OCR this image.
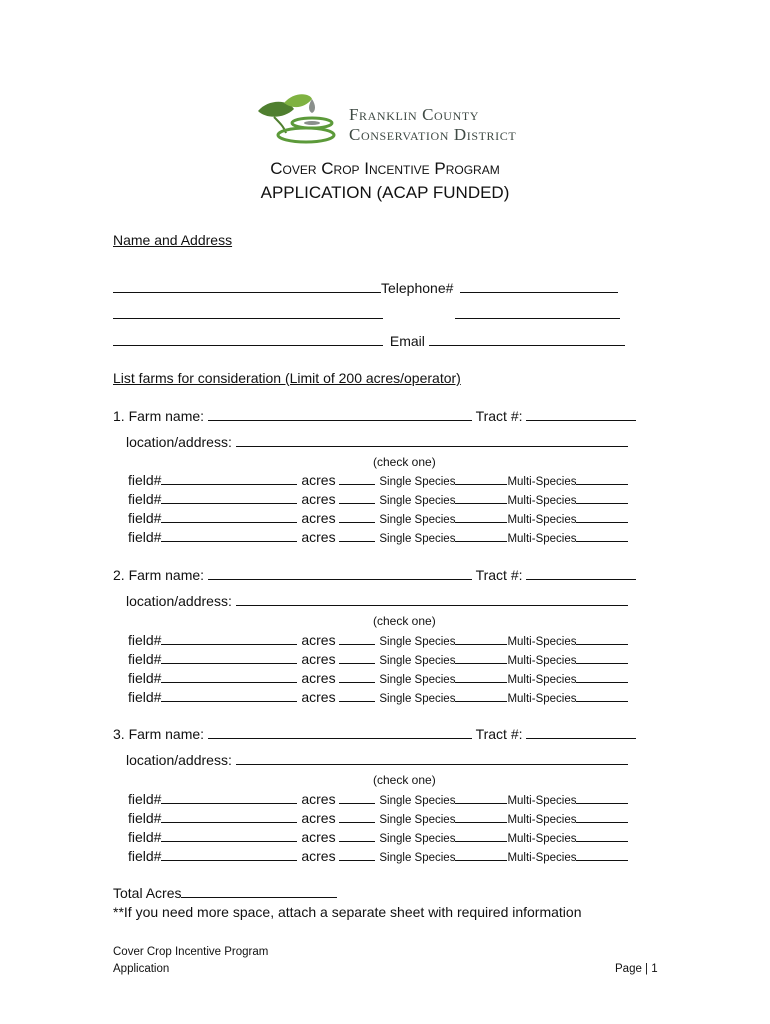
Franklin County
Conservation District
Cover Crop Incentive Program
APPLICATION (ACAP FUNDED)
Name and Address
Telephone#

Email
List farms for consideration (Limit of 200 acres/operator)
1. Farm name:	Tract #:
location/address:
(check one)
field#	acres	Single Species	Multi-Species
field#	acres	Single Species	Multi-Species
field#	acres	Single Species	Multi-Species
field#	acres	Single Species	Multi-Species
2. Farm name:	Tract #:
location/address:
(check one)
field#	acres	Single Species	Multi-Species
field#	acres	Single Species	Multi-Species
field#	acres	Single Species	Multi-Species
field#	acres	Single Species	Multi-Species
3. Farm name:	Tract #:
location/address:
(check one)
field#	acres	Single Species	Multi-Species
field#	acres	Single Species	Multi-Species
field#	acres	Single Species	Multi-Species
field#	acres	Single Species	Multi-Species
Total Acres
**If you need more space, attach a separate sheet with required information
Cover Crop Incentive Program
Application	Page | 1
